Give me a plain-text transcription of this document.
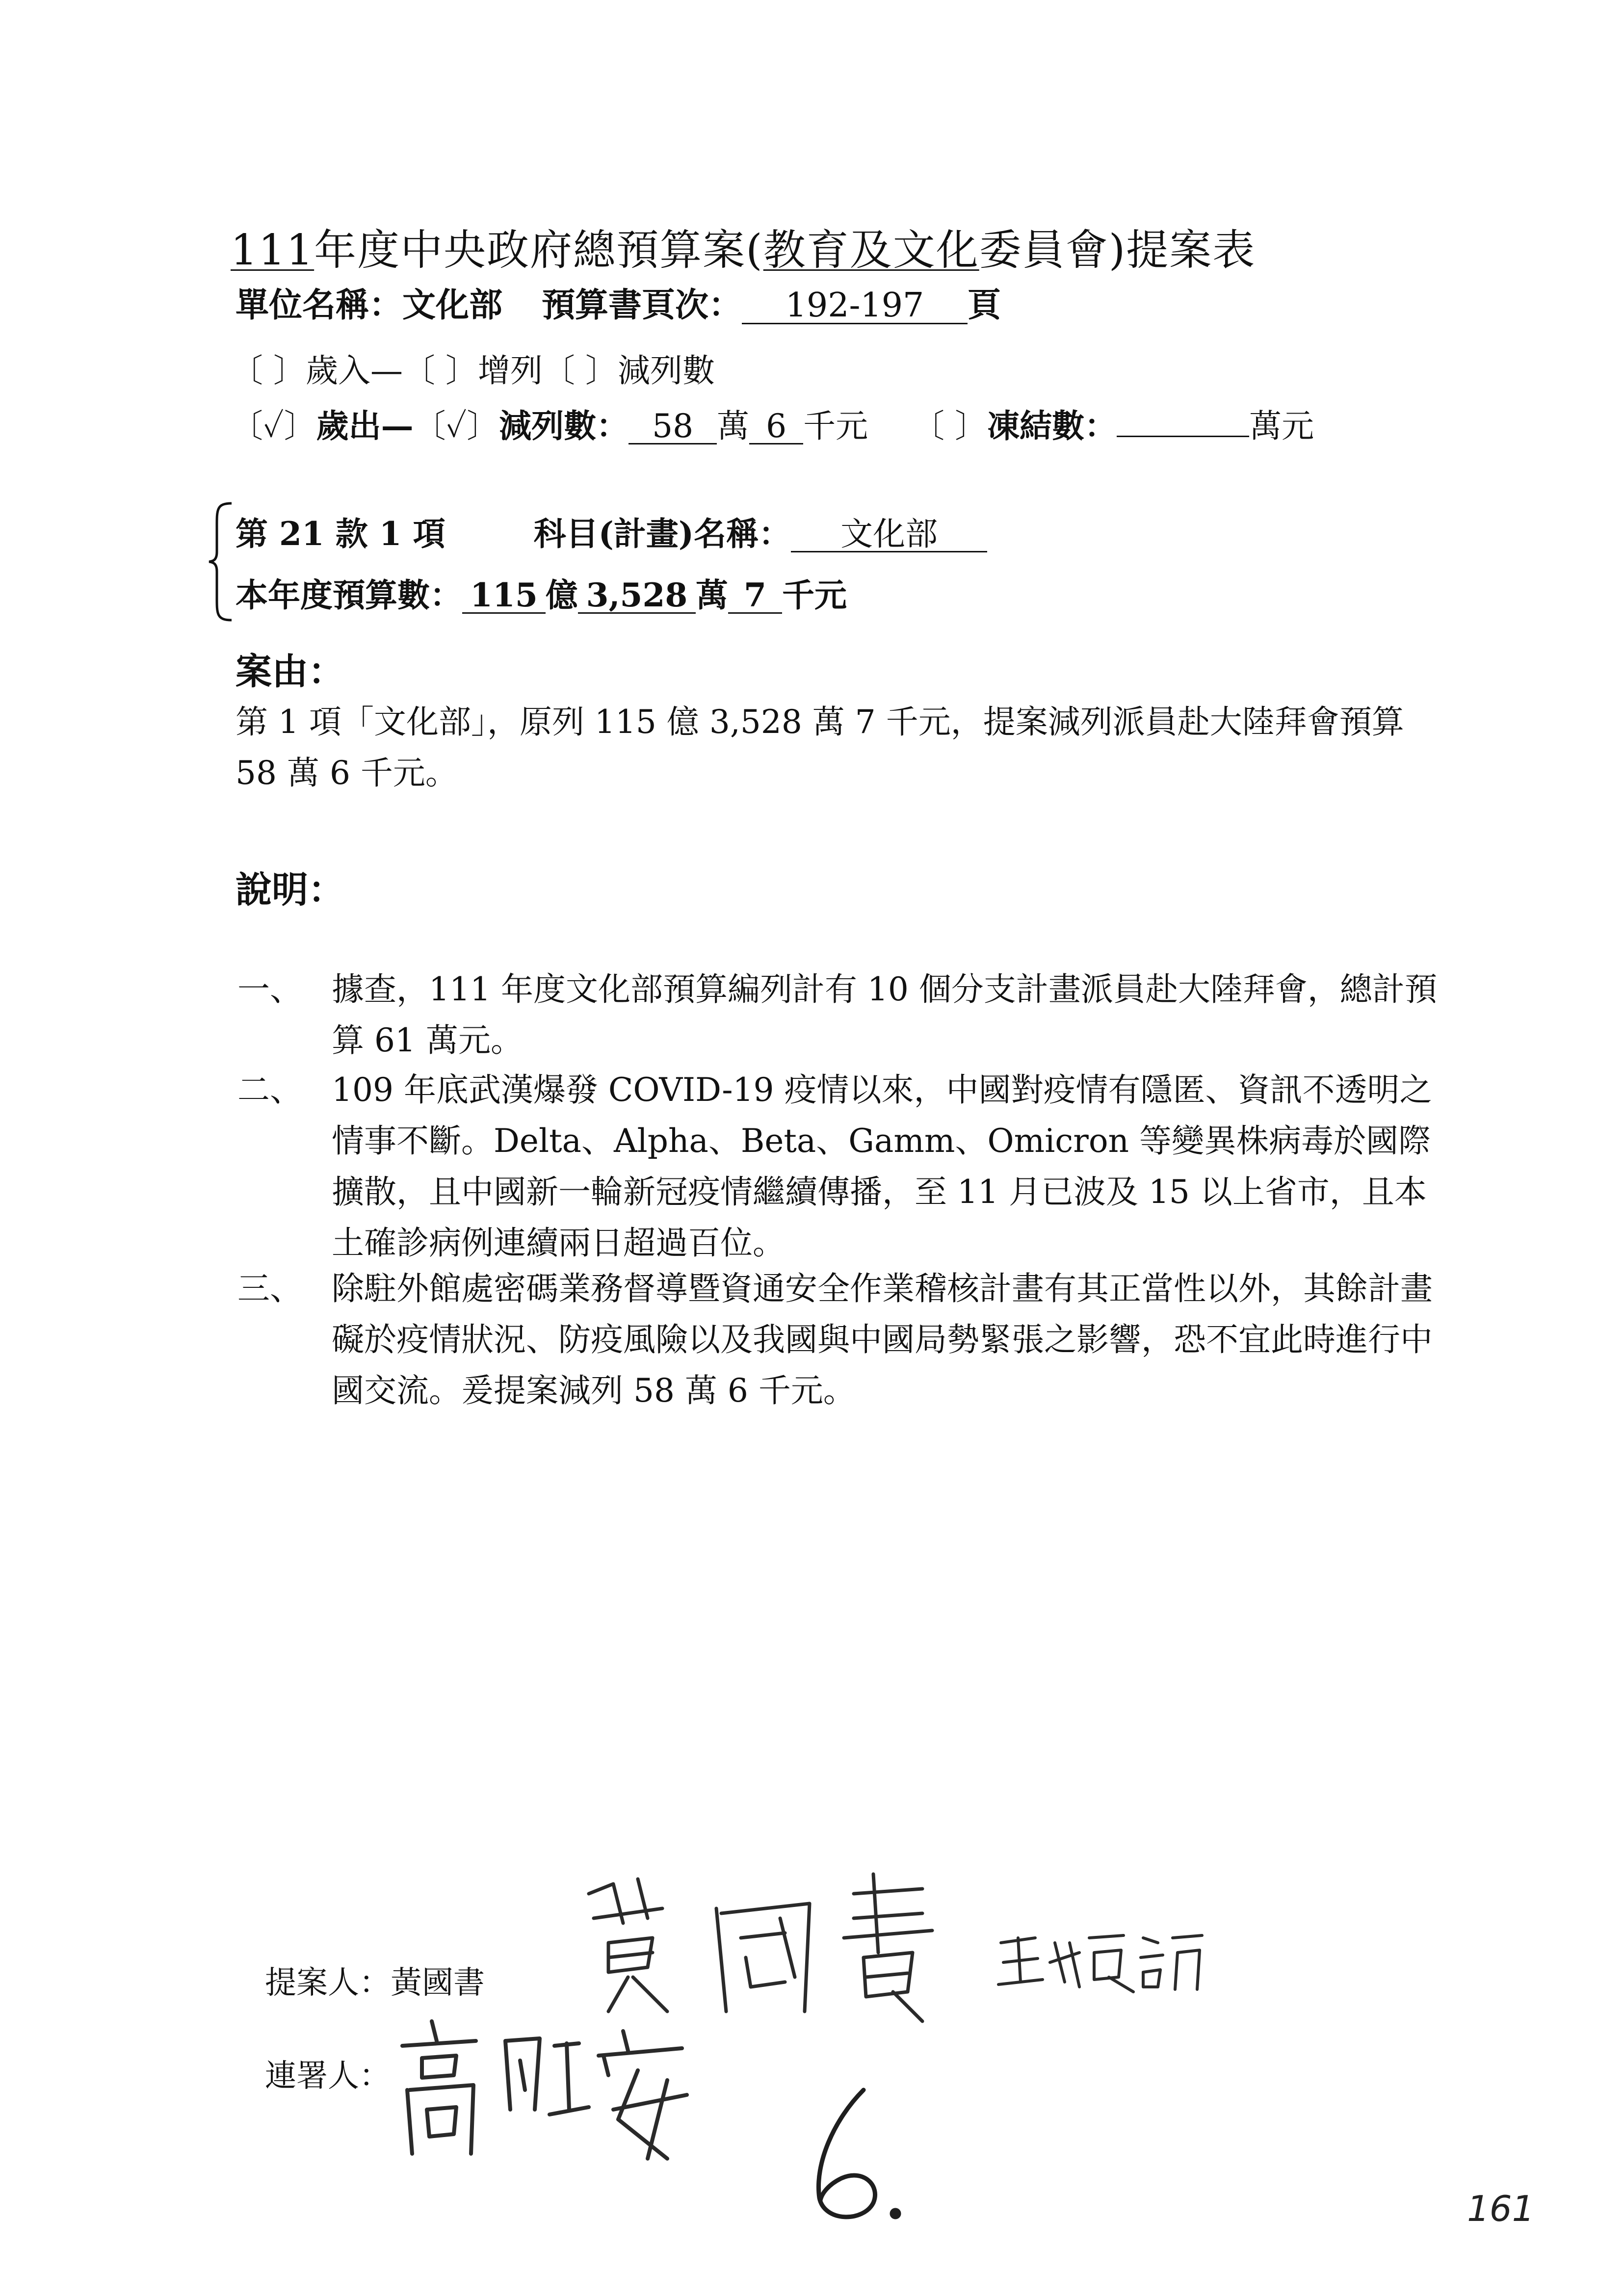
111年度中央政府總預算案(教育及文化委員會)提案表
單位名稱：文化部 預算書頁次： 192-197 頁
〔 〕歲入—〔 〕增列〔 〕減列數
〔✓〕歲出—〔✓〕減列數： 58 萬 6 千元 〔 〕凍結數：	萬元
第 21 款 1 項	科目(計畫)名稱： 文化部
本年度預算數： 115 億 3,528 萬 7 千元
案由：
第 1 項「文化部」，原列 115 億 3,528 萬 7 千元，提案減列派員赴大陸拜會預算 58 萬 6 千元。
說明：
一、 據查，111 年度文化部預算編列計有 10 個分支計畫派員赴大陸拜會，總計預算 61 萬元。
二、 109 年底武漢爆發 COVID-19 疫情以來，中國對疫情有隱匿、資訊不透明之情事不斷。Delta、Alpha、Beta、Gamm、Omicron 等變異株病毒於國際擴散，且中國新一輪新冠疫情繼續傳播，至 11 月已波及 15 以上省市，且本土確診病例連續兩日超過百位。
三、 除駐外館處密碼業務督導暨資通安全作業稽核計畫有其正當性以外，其餘計畫礙於疫情狀況、防疫風險以及我國與中國局勢緊張之影響，恐不宜此時進行中國交流。爰提案減列 58 萬 6 千元。
提案人：黃國書
連署人：
161
